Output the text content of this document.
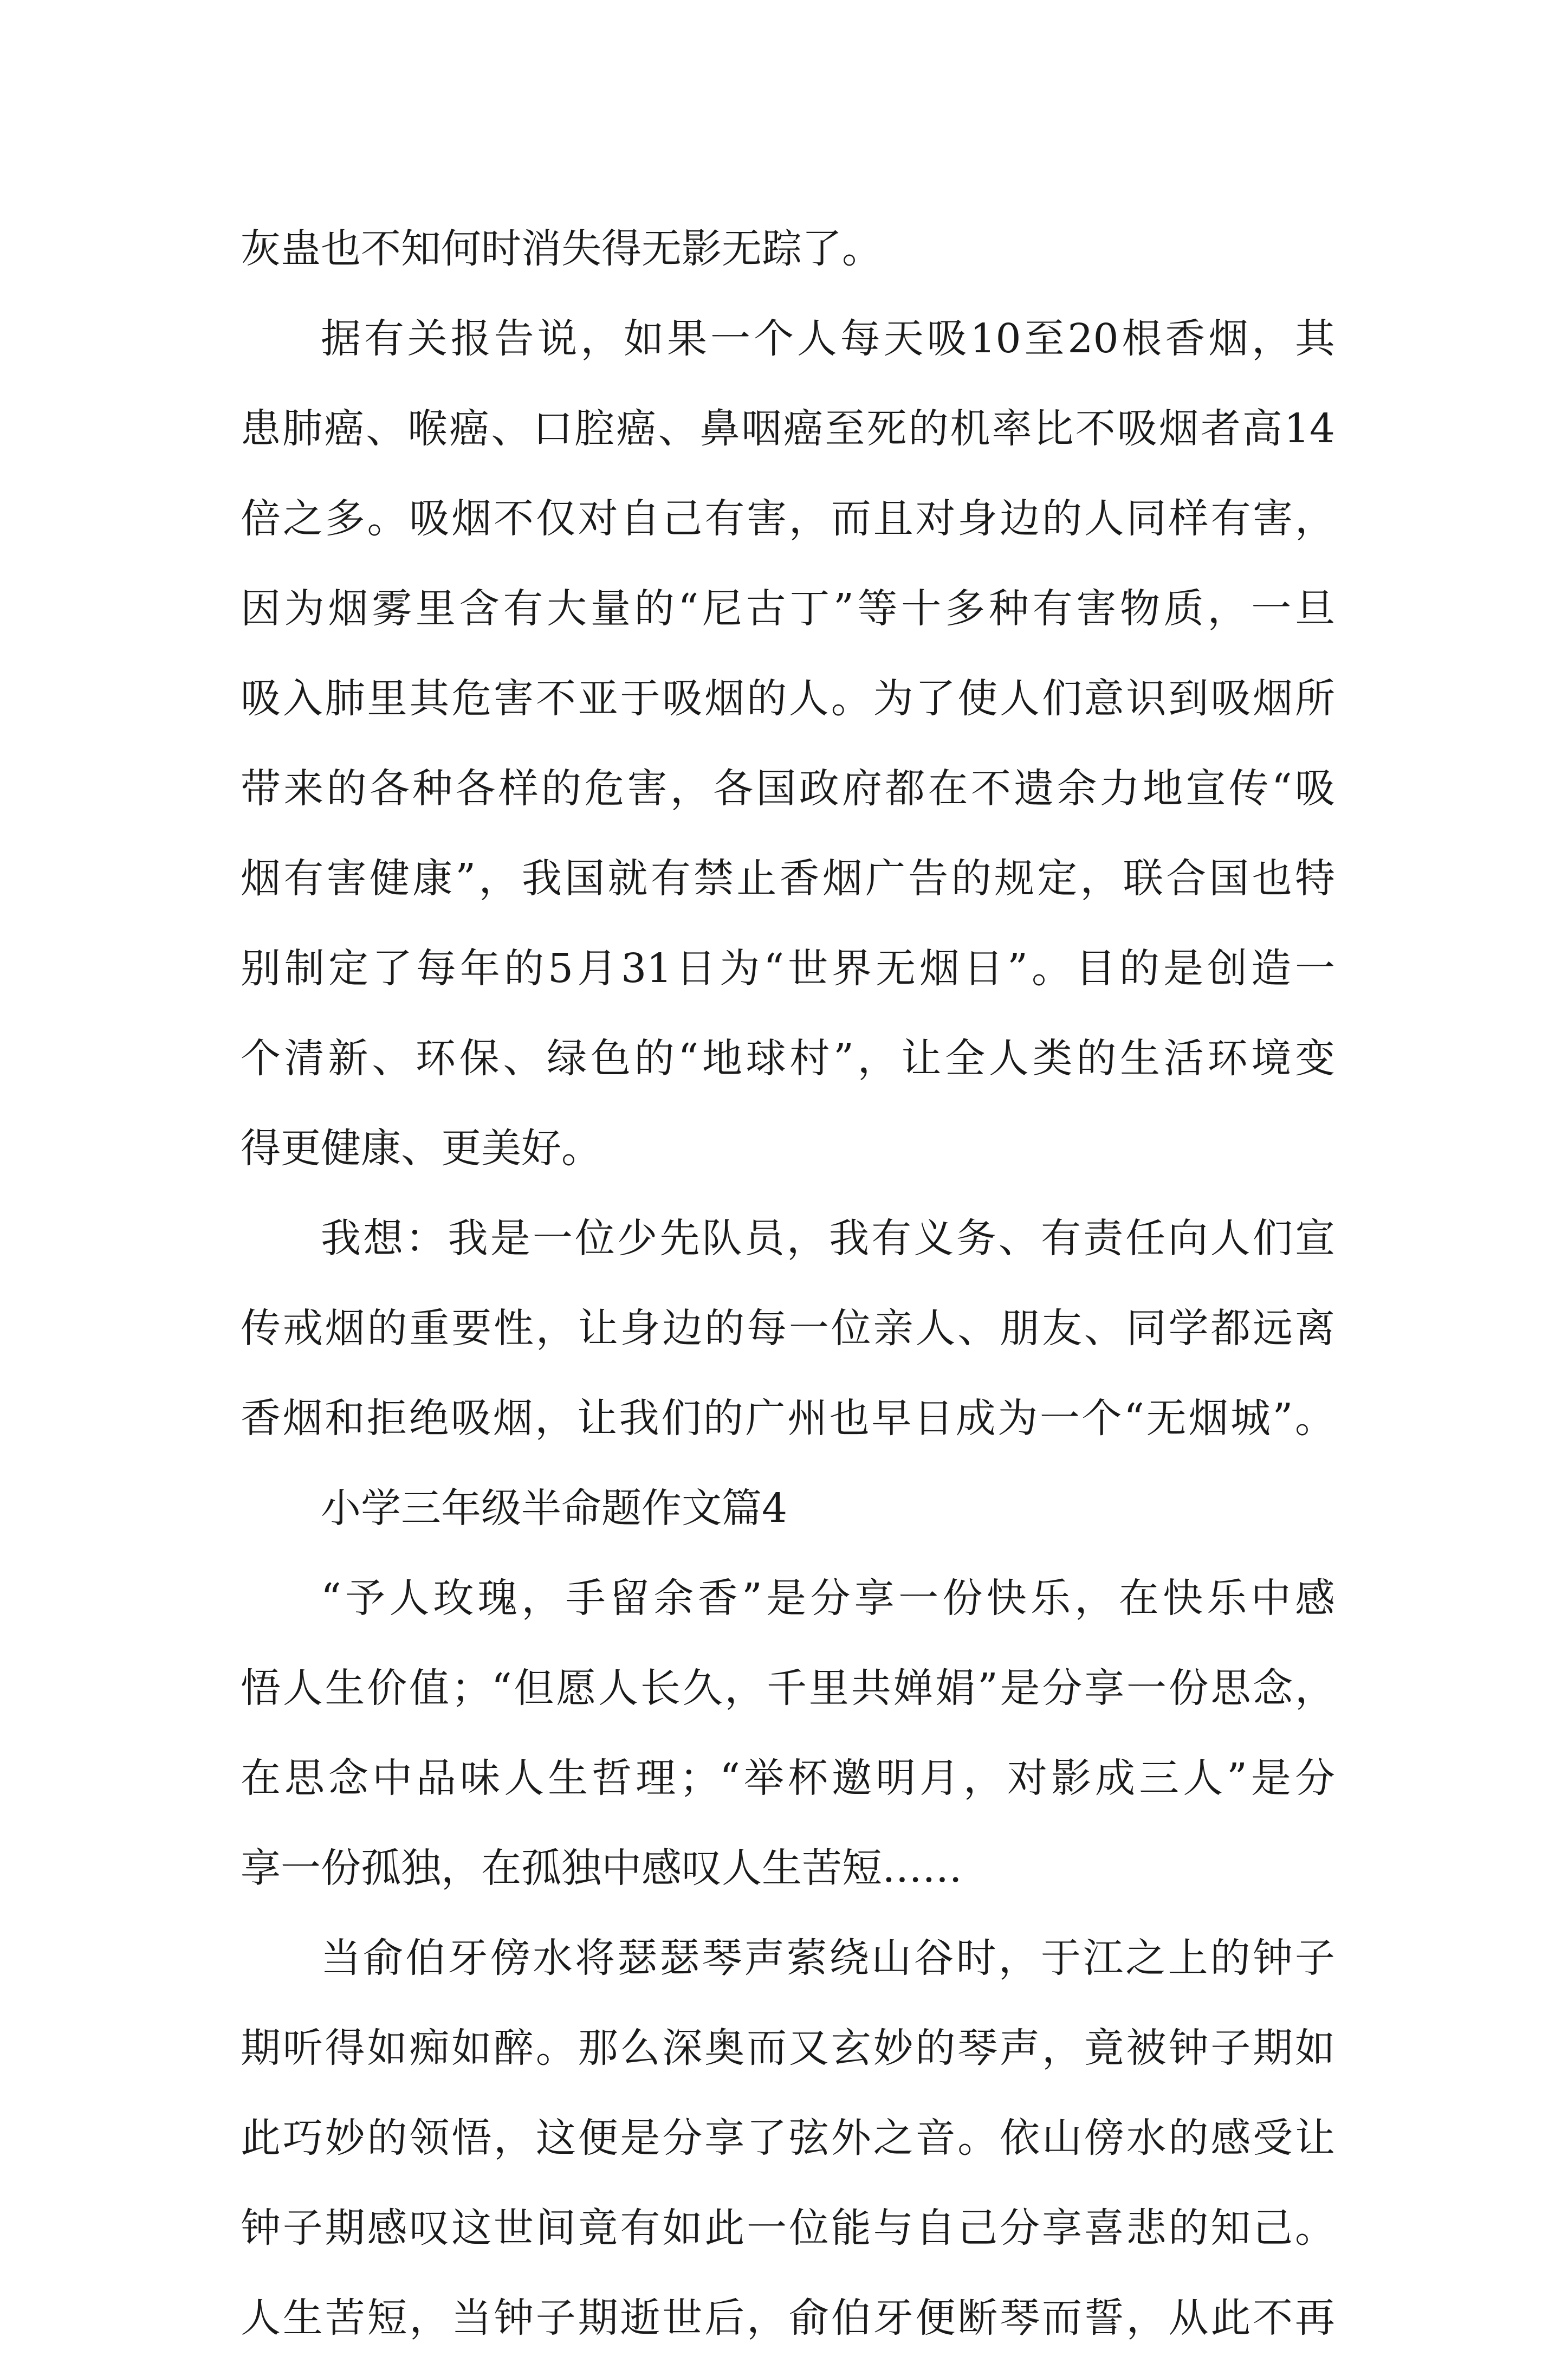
灰蛊也不知何时消失得无影无踪了。
据有关报告说，如果一个人每天吸10至20根香烟，其
患肺癌、喉癌、口腔癌、鼻咽癌至死的机率比不吸烟者高14
倍之多。吸烟不仅对自己有害，而且对身边的人同样有害，
因为烟雾里含有大量的“尼古丁”等十多种有害物质，一旦
吸入肺里其危害不亚于吸烟的人。为了使人们意识到吸烟所
带来的各种各样的危害，各国政府都在不遗余力地宣传“吸
烟有害健康”，我国就有禁止香烟广告的规定，联合国也特
别制定了每年的5月31日为“世界无烟日”。目的是创造一
个清新、环保、绿色的“地球村”，让全人类的生活环境变
得更健康、更美好。
我想：我是一位少先队员，我有义务、有责任向人们宣
传戒烟的重要性，让身边的每一位亲人、朋友、同学都远离
香烟和拒绝吸烟，让我们的广州也早日成为一个“无烟城”。
小学三年级半命题作文篇4
“予人玫瑰，手留余香”是分享一份快乐，在快乐中感
悟人生价值；“但愿人长久，千里共婵娟”是分享一份思念，
在思念中品味人生哲理；“举杯邀明月，对影成三人”是分
享一份孤独，在孤独中感叹人生苦短……
当俞伯牙傍水将瑟瑟琴声萦绕山谷时，于江之上的钟子
期听得如痴如醉。那么深奥而又玄妙的琴声，竟被钟子期如
此巧妙的领悟，这便是分享了弦外之音。依山傍水的感受让
钟子期感叹这世间竟有如此一位能与自己分享喜悲的知己。
人生苦短，当钟子期逝世后，俞伯牙便断琴而誓，从此不再
